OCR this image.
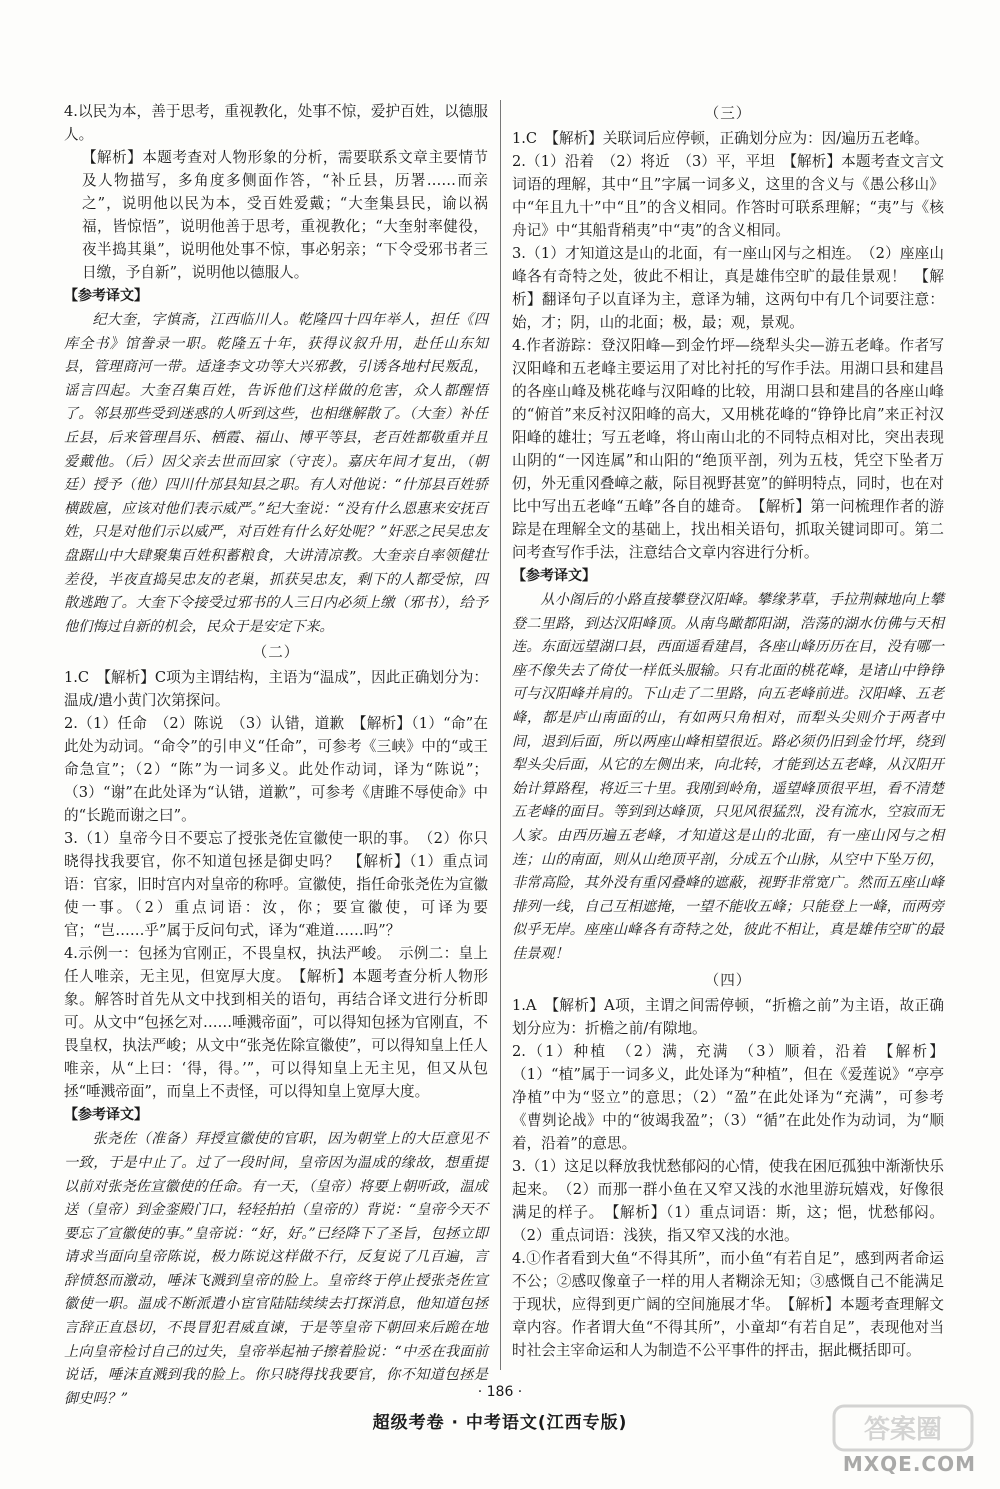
4.以民为本，善于思考，重视教化，处事不惊，爱护百姓，以德服人。

【解析】本题考查对人物形象的分析，需要联系文章主要情节及人物描写，多角度多侧面作答，“补丘县，历署……而亲之”，说明他以民为本，受百姓爱戴；“大奎集县民，谕以祸福，皆惊悟”，说明他善于思考，重视教化；“大奎射率健役，夜半捣其巢”，说明他处事不惊，事必躬亲；“下令受邪书者三日缴，予自新”，说明他以德服人。

【参考译文】

纪大奎，字慎斋，江西临川人。乾隆四十四年举人，担任《四库全书》馆誊录一职。乾隆五十年，获得议叙升用，赴任山东知县，管理商河一带。适逢李文功等大兴邪教，引诱各地村民叛乱，谣言四起。大奎召集百姓，告诉他们这样做的危害，众人都醒悟了。邻县那些受到迷惑的人听到这些，也相继解散了。（大奎）补任丘县，后来管理昌乐、栖霞、福山、博平等县，老百姓都敬重并且爱戴他。（后）因父亲去世而回家（守丧）。嘉庆年间才复出，（朝廷）授予（他）四川什邡县知县之职。有人对他说：“什邡县百姓骄横跋扈，应该对他们表示威严。”纪大奎说：“没有什么恩惠来安抚百姓，只是对他们示以威严，对百姓有什么好处呢？”奸恶之民吴忠友盘踞山中大肆聚集百姓积蓄粮食，大讲清凉教。大奎亲自率领健壮差役，半夜直捣吴忠友的老巢，抓获吴忠友，剩下的人都受惊，四散逃跑了。大奎下令接受过邪书的人三日内必须上缴（邪书），给予他们悔过自新的机会，民众于是安定下来。

（二）

1.C　【解析】C项为主谓结构，主语为“温成”，因此正确划分为：温成/遣小黄门次第探问。

2.（1）任命　（2）陈说　（3）认错，道歉　【解析】（1）“命”在此处为动词。“命令”的引申义“任命”，可参考《三峡》中的“或王命急宣”；（2）“陈”为一词多义。此处作动词，译为“陈说”；（3）“谢”在此处译为“认错，道歉”，可参考《唐雎不辱使命》中的“长跪而谢之曰”。

3.（1）皇帝今日不要忘了授张尧佐宣徽使一职的事。　（2）你只晓得找我要官，你不知道包拯是御史吗？　【解析】（1）重点词语：官家，旧时宫内对皇帝的称呼。宣徽使，指任命张尧佐为宣徽使一事。（2）重点词语：汝，你；要宣徽使，可译为要官；“岂……乎”属于反问句式，译为“难道……吗”？

4.示例一：包拯为官刚正，不畏皇权，执法严峻。　示例二：皇上任人唯亲，无主见，但宽厚大度。　【解析】本题考查分析人物形象。解答时首先从文中找到相关的语句，再结合译文进行分析即可。从文中“包拯乞对……唾溅帝面”，可以得知包拯为官刚直，不畏皇权，执法严峻；从文中“张尧佐除宣徽使”，可以得知皇上任人唯亲，从“上曰：‘得，得。’”，可以得知皇上无主见，但又从包拯“唾溅帝面”，而皇上不责怪，可以得知皇上宽厚大度。

【参考译文】

张尧佐（准备）拜授宣徽使的官职，因为朝堂上的大臣意见不一致，于是中止了。过了一段时间，皇帝因为温成的缘故，想重提以前对张尧佐宣徽使的任命。有一天，（皇帝）将要上朝听政，温成送（皇帝）到金銮殿门口，轻轻拍拍（皇帝的）背说：“皇帝今天不要忘了宣徽使的事。”皇帝说：“好，好。”已经降下了圣旨，包拯立即请求当面向皇帝陈说，极力陈说这样做不行，反复说了几百遍，言辞愤怒而激动，唾沫飞溅到皇帝的脸上。皇帝终于停止授张尧佐宣徽使一职。温成不断派遣小宦官陆陆续续去打探消息，他知道包拯言辞正直恳切，不畏冒犯君威直谏，于是等皇帝下朝回来后跪在地上向皇帝检讨自己的过失，皇帝举起袖子擦着脸说：“中丞在我面前说话，唾沫直溅到我的脸上。你只晓得找我要官，你不知道包拯是御史吗？”

（三）

1.C　【解析】关联词后应停顿，正确划分应为：因/遍历五老峰。

2.（1）沿着　（2）将近　（3）平，平坦　【解析】本题考查文言文词语的理解，其中“且”字属一词多义，这里的含义与《愚公移山》中“年且九十”中“且”的含义相同。作答时可联系理解；“夷”与《核舟记》中“其船背稍夷”中“夷”的含义相同。

3.（1）才知道这是山的北面，有一座山冈与之相连。　（2）座座山峰各有奇特之处，彼此不相让，真是雄伟空旷的最佳景观！　【解析】翻译句子以直译为主，意译为辅，这两句中有几个词要注意：始，才；阴，山的北面；极，最；观，景观。

4.作者游踪：登汉阳峰—到金竹坪—绕犁头尖—游五老峰。作者写汉阳峰和五老峰主要运用了对比衬托的写作手法。用湖口县和建昌的各座山峰及桃花峰与汉阳峰的比较，用湖口县和建昌的各座山峰的“俯首”来反衬汉阳峰的高大，又用桃花峰的“铮铮比肩”来正衬汉阳峰的雄壮；写五老峰，将山南山北的不同特点相对比，突出表现山阴的“一冈连属”和山阳的“绝顶平剖，列为五枝，凭空下坠者万仞，外无重冈叠嶂之蔽，际目视野甚宽”的鲜明特点，同时，也在对比中写出五老峰“五峰”各自的雄奇。　【解析】第一问梳理作者的游踪是在理解全文的基础上，找出相关语句，抓取关键词即可。第二问考查写作手法，注意结合文章内容进行分析。

【参考译文】

从小阁后的小路直接攀登汉阳峰。攀缘茅草，手拉荆棘地向上攀登二里路，到达汉阳峰顶。从南鸟瞰都阳湖，浩荡的湖水仿佛与天相连。东面远望湖口县，西面遥看建昌，各座山峰历历在目，没有哪一座不像失去了倚仗一样低头服输。只有北面的桃花峰，是诸山中铮铮可与汉阳峰并肩的。下山走了二里路，向五老峰前进。汉阳峰、五老峰，都是庐山南面的山，有如两只角相对，而犁头尖则介于两者中间，退到后面，所以两座山峰相望很近。路必须仍旧到金竹坪，绕到犁头尖后面，从它的左侧出来，向北转，才能到达五老峰，从汉阳开始计算路程，将近三十里。我刚到岭角，遥望峰顶很平坦，看不清楚五老峰的面目。等到到达峰顶，只见风很猛烈，没有流水，空寂而无人家。由西历遍五老峰，才知道这是山的北面，有一座山冈与之相连；山的南面，则从山绝顶平剖，分成五个山脉，从空中下坠万仞，非常高险，其外没有重冈叠峰的遮蔽，视野非常宽广。然而五座山峰排列一线，自己互相遮掩，一望不能收五峰；只能登上一峰，而两旁似乎无岸。座座山峰各有奇特之处，彼此不相让，真是雄伟空旷的最佳景观！

（四）

1.A　【解析】A项，主谓之间需停顿，“折檐之前”为主语，故正确划分应为：折檐之前/有隙地。

2.（1）种植　（2）满，充满　（3）顺着，沿着　【解析】（1）“植”属于一词多义，此处译为“种植”，但在《爱莲说》“亭亭净植”中为“竖立”的意思；（2）“盈”在此处译为“充满”，可参考《曹刿论战》中的“彼竭我盈”；（3）“循”在此处作为动词，为“顺着，沿着”的意思。

3.（1）这足以释放我忧愁郁闷的心情，使我在困厄孤独中渐渐快乐起来。　（2）而那一群小鱼在又窄又浅的水池里游玩嬉戏，好像很满足的样子。　【解析】（1）重点词语：斯，这；悒，忧愁郁闷。（2）重点词语：浅狭，指又窄又浅的水池。

4.①作者看到大鱼“不得其所”，而小鱼“有若自足”，感到两者命运不公；②感叹像童子一样的用人者糊涂无知；③感慨自己不能满足于现状，应得到更广阔的空间施展才华。　【解析】本题考查理解文章内容。作者谓大鱼“不得其所”，小童却“有若自足”，表现他对当时社会主宰命运和人为制造不公平事件的抨击，据此概括即可。

· 186 ·
超级考卷 · 中考语文(江西专版)	答案圈
MXQE.COM
